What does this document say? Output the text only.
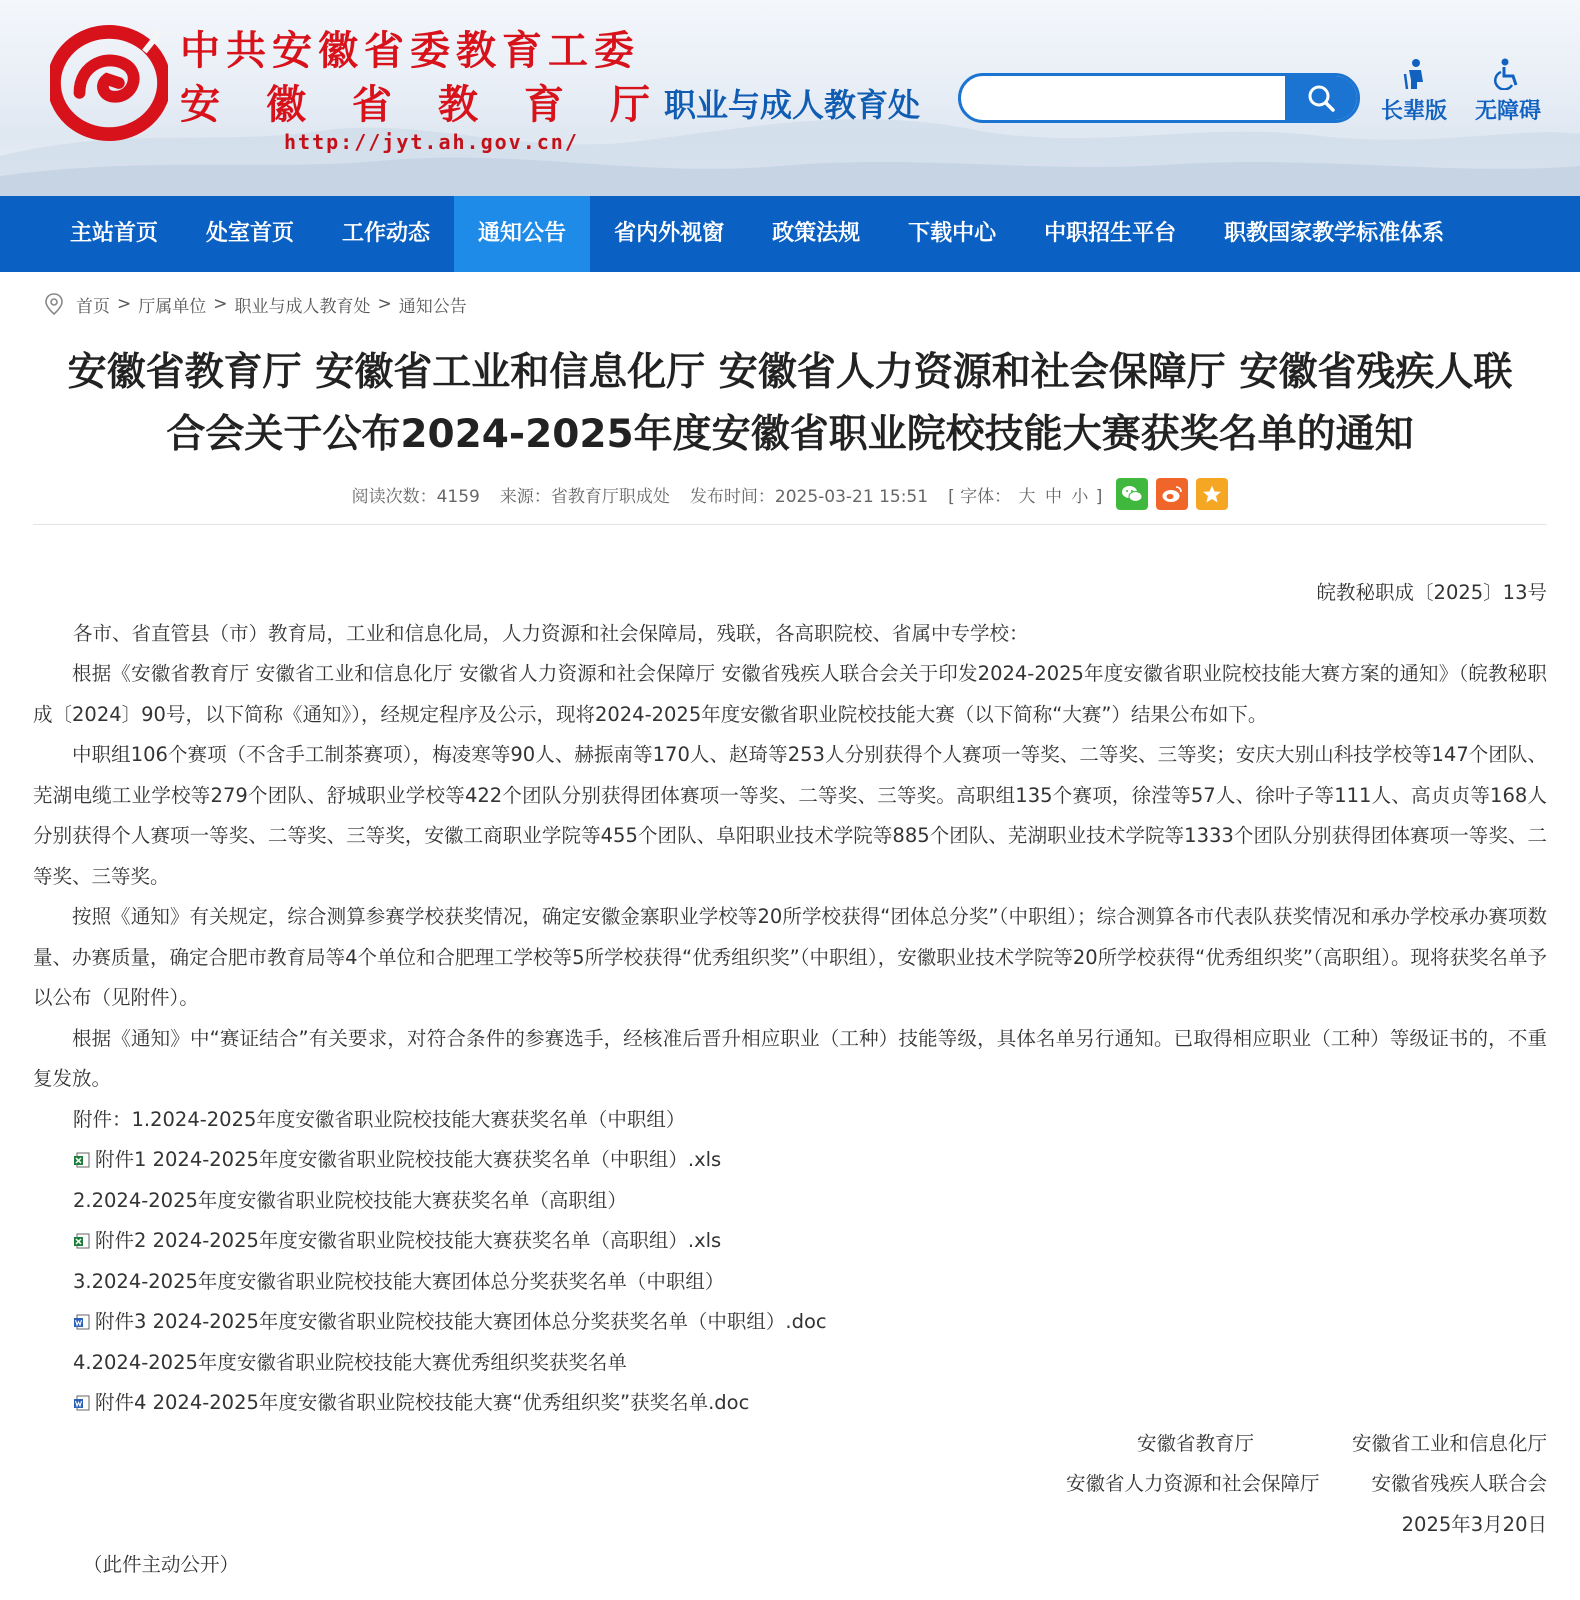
中共安徽省委教育工委
安徽省教育厅
http://jyt.ah.gov.cn/
职业与成人教育处	长辈版	无障碍
主站首页	处室首页	工作动态	通知公告	省内外视窗	政策法规	下载中心	中职招生平台	职教国家教学标准体系
首页 > 厅属单位 > 职业与成人教育处 > 通知公告
安徽省教育厅 安徽省工业和信息化厅 安徽省人力资源和社会保障厅 安徽省残疾人联
合会关于公布2024-2025年度安徽省职业院校技能大赛获奖名单的通知
阅读次数：4159 来源：省教育厅职成处 发布时间：2025-03-21 15:51 [ 字体： 大 中 小 ]
皖教秘职成〔2025〕13号
各市、省直管县（市）教育局，工业和信息化局，人力资源和社会保障局，残联，各高职院校、省属中专学校：
根据《安徽省教育厅 安徽省工业和信息化厅 安徽省人力资源和社会保障厅 安徽省残疾人联合会关于印发2024-2025年度安徽省职业院校技能大赛方案的通知》（皖教秘职成〔2024〕90号，以下简称《通知》），经规定程序及公示，现将2024-2025年度安徽省职业院校技能大赛（以下简称“大赛”）结果公布如下。
中职组106个赛项（不含手工制茶赛项），梅凌寒等90人、赫振南等170人、赵琦等253人分别获得个人赛项一等奖、二等奖、三等奖；安庆大别山科技学校等147个团队、芜湖电缆工业学校等279个团队、舒城职业学校等422个团队分别获得团体赛项一等奖、二等奖、三等奖。高职组135个赛项，徐滢等57人、徐叶子等111人、高贞贞等168人分别获得个人赛项一等奖、二等奖、三等奖，安徽工商职业学院等455个团队、阜阳职业技术学院等885个团队、芜湖职业技术学院等1333个团队分别获得团体赛项一等奖、二等奖、三等奖。
按照《通知》有关规定，综合测算参赛学校获奖情况，确定安徽金寨职业学校等20所学校获得“团体总分奖”（中职组）；综合测算各市代表队获奖情况和承办学校承办赛项数量、办赛质量，确定合肥市教育局等4个单位和合肥理工学校等5所学校获得“优秀组织奖”（中职组），安徽职业技术学院等20所学校获得“优秀组织奖”（高职组）。现将获奖名单予以公布（见附件）。
根据《通知》中“赛证结合”有关要求，对符合条件的参赛选手，经核准后晋升相应职业（工种）技能等级，具体名单另行通知。已取得相应职业（工种）等级证书的，不重复发放。
附件：1.2024-2025年度安徽省职业院校技能大赛获奖名单（中职组）
附件1 2024-2025年度安徽省职业院校技能大赛获奖名单（中职组）.xls
2.2024-2025年度安徽省职业院校技能大赛获奖名单（高职组）
附件2 2024-2025年度安徽省职业院校技能大赛获奖名单（高职组）.xls
3.2024-2025年度安徽省职业院校技能大赛团体总分奖获奖名单（中职组）
附件3 2024-2025年度安徽省职业院校技能大赛团体总分奖获奖名单（中职组）.doc
4.2024-2025年度安徽省职业院校技能大赛优秀组织奖获奖名单
附件4 2024-2025年度安徽省职业院校技能大赛“优秀组织奖”获奖名单.doc
安徽省教育厅	安徽省工业和信息化厅
安徽省人力资源和社会保障厅	安徽省残疾人联合会
2025年3月20日
（此件主动公开）
